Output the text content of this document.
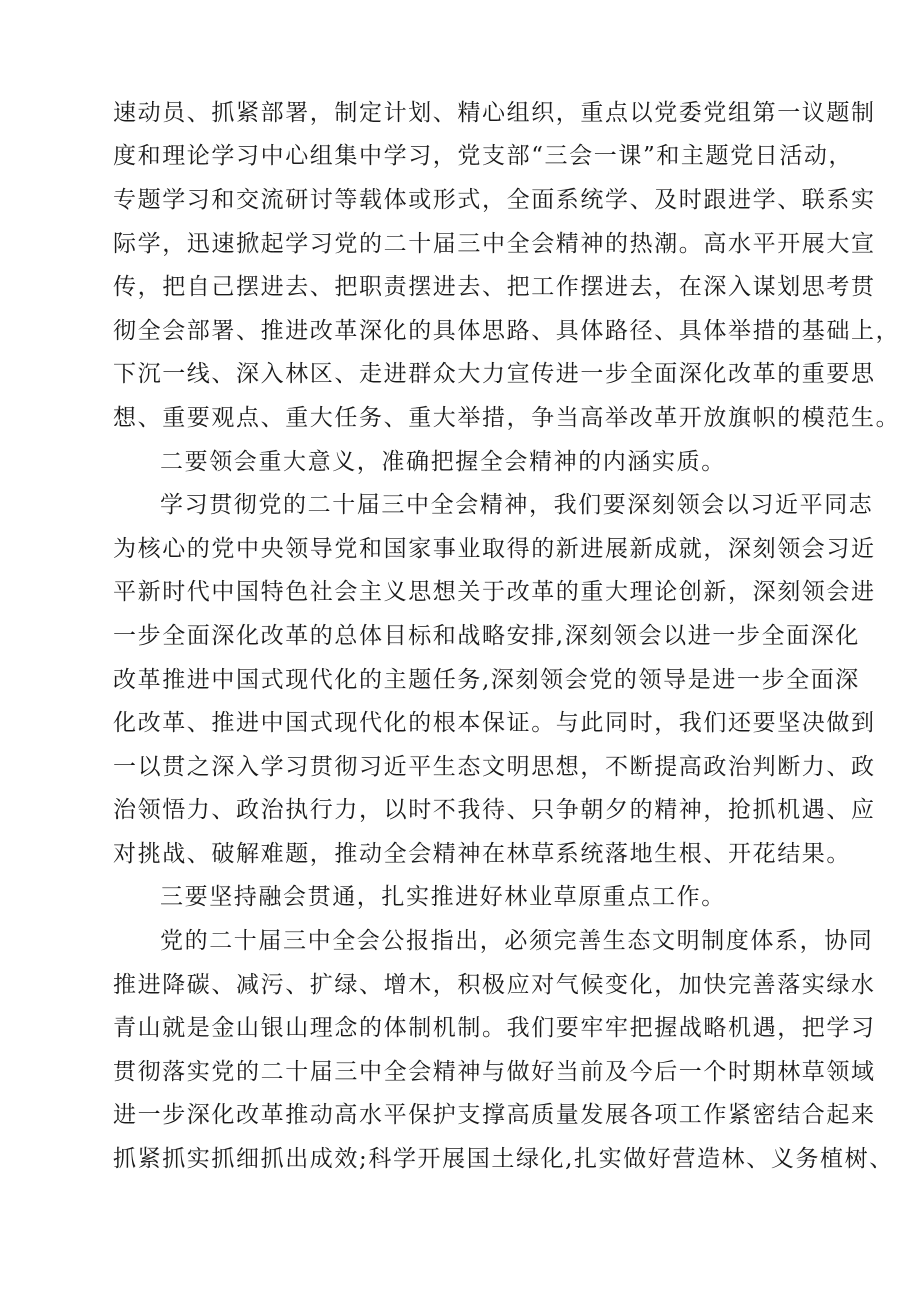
速动员、抓紧部署，制定计划、精心组织，重点以党委党组第一议题制
度和理论学习中心组集中学习，党支部“三会一课”和主题党日活动，
专题学习和交流研讨等载体或形式，全面系统学、及时跟进学、联系实
际学，迅速掀起学习党的二十届三中全会精神的热潮。高水平开展大宣
传，把自己摆进去、把职责摆进去、把工作摆进去，在深入谋划思考贯
彻全会部署、推进改革深化的具体思路、具体路径、具体举措的基础上，
下沉一线、深入林区、走进群众大力宣传进一步全面深化改革的重要思
想、重要观点、重大任务、重大举措，争当高举改革开放旗帜的模范生。
二要领会重大意义，准确把握全会精神的内涵实质。
学习贯彻党的二十届三中全会精神，我们要深刻领会以习近平同志
为核心的党中央领导党和国家事业取得的新进展新成就，深刻领会习近
平新时代中国特色社会主义思想关于改革的重大理论创新，深刻领会进
一步全面深化改革的总体目标和战略安排,深刻领会以进一步全面深化
改革推进中国式现代化的主题任务,深刻领会党的领导是进一步全面深
化改革、推进中国式现代化的根本保证。与此同时，我们还要坚决做到
一以贯之深入学习贯彻习近平生态文明思想，不断提高政治判断力、政
治领悟力、政治执行力，以时不我待、只争朝夕的精神，抢抓机遇、应
对挑战、破解难题，推动全会精神在林草系统落地生根、开花结果。
三要坚持融会贯通，扎实推进好林业草原重点工作。
党的二十届三中全会公报指出，必须完善生态文明制度体系，协同
推进降碳、减污、扩绿、增木，积极应对气候变化，加快完善落实绿水
青山就是金山银山理念的体制机制。我们要牢牢把握战略机遇，把学习
贯彻落实党的二十届三中全会精神与做好当前及今后一个时期林草领域
进一步深化改革推动高水平保护支撑高质量发展各项工作紧密结合起来
抓紧抓实抓细抓出成效;科学开展国土绿化,扎实做好营造林、义务植树、
